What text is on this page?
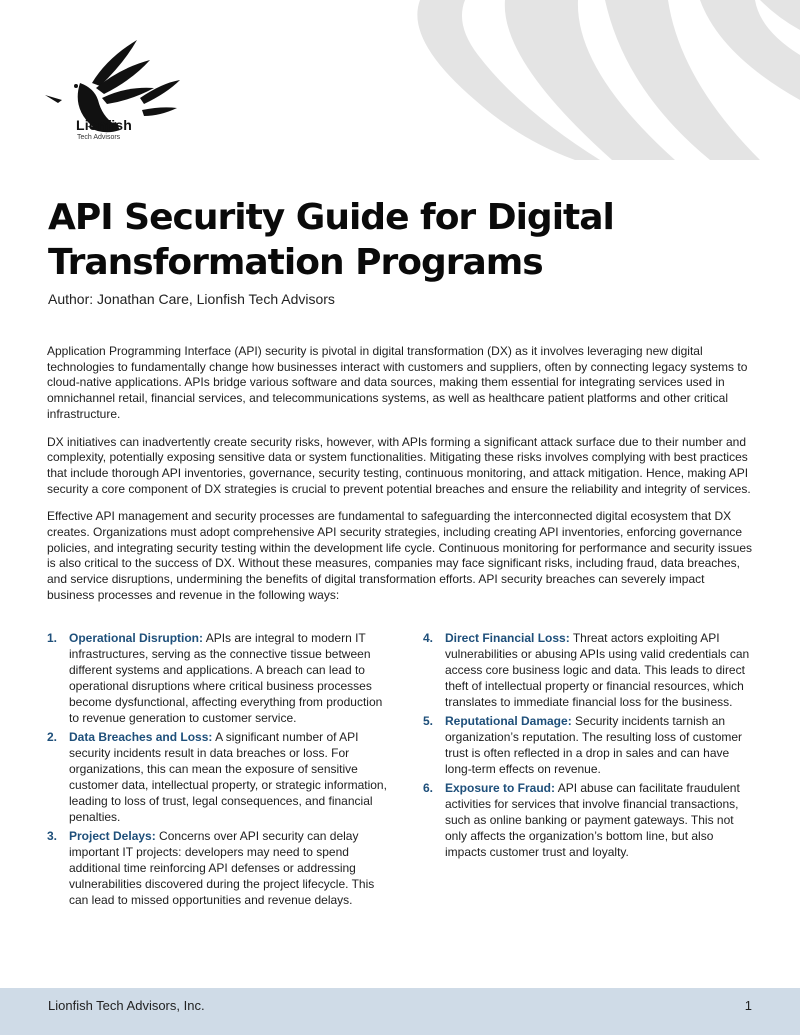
Lionfish
Tech Advisors
API Security Guide for Digital Transformation Programs
Author: Jonathan Care, Lionfish Tech Advisors

Application Programming Interface (API) security is pivotal in digital transformation (DX) as it involves leveraging new digital technologies to fundamentally change how businesses interact with customers and suppliers, often by connecting legacy systems to cloud-native applications. APIs bridge various software and data sources, making them essential for integrating services used in omnichannel retail, financial services, and telecommunications systems, as well as healthcare patient platforms and other critical infrastructure.

DX initiatives can inadvertently create security risks, however, with APIs forming a significant attack surface due to their number and complexity, potentially exposing sensitive data or system functionalities. Mitigating these risks involves complying with best practices that include thorough API inventories, governance, security testing, continuous monitoring, and attack mitigation. Hence, making API security a core component of DX strategies is crucial to prevent potential breaches and ensure the reliability and integrity of services.

Effective API management and security processes are fundamental to safeguarding the interconnected digital ecosystem that DX creates. Organizations must adopt comprehensive API security strategies, including creating API inventories, enforcing governance policies, and integrating security testing within the development life cycle. Continuous monitoring for performance and security issues is also critical to the success of DX. Without these measures, companies may face significant risks, including fraud, data breaches, and service disruptions, undermining the benefits of digital transformation efforts. API security breaches can severely impact business processes and revenue in the following ways:

1. Operational Disruption: APIs are integral to modern IT infrastructures, serving as the connective tissue between different systems and applications. A breach can lead to operational disruptions where critical business processes become dysfunctional, affecting everything from production to revenue generation to customer service.
2. Data Breaches and Loss: A significant number of API security incidents result in data breaches or loss. For organizations, this can mean the exposure of sensitive customer data, intellectual property, or strategic information, leading to loss of trust, legal consequences, and financial penalties.
3. Project Delays: Concerns over API security can delay important IT projects: developers may need to spend additional time reinforcing API defenses or addressing vulnerabilities discovered during the project lifecycle. This can lead to missed opportunities and revenue delays.
4. Direct Financial Loss: Threat actors exploiting API vulnerabilities or abusing APIs using valid credentials can access core business logic and data. This leads to direct theft of intellectual property or financial resources, which translates to immediate financial loss for the business.
5. Reputational Damage: Security incidents tarnish an organization’s reputation. The resulting loss of customer trust is often reflected in a drop in sales and can have long-term effects on revenue.
6. Exposure to Fraud: API abuse can facilitate fraudulent activities for services that involve financial transactions, such as online banking or payment gateways. This not only affects the organization’s bottom line, but also impacts customer trust and loyalty.
Lionfish Tech Advisors, Inc.	1
